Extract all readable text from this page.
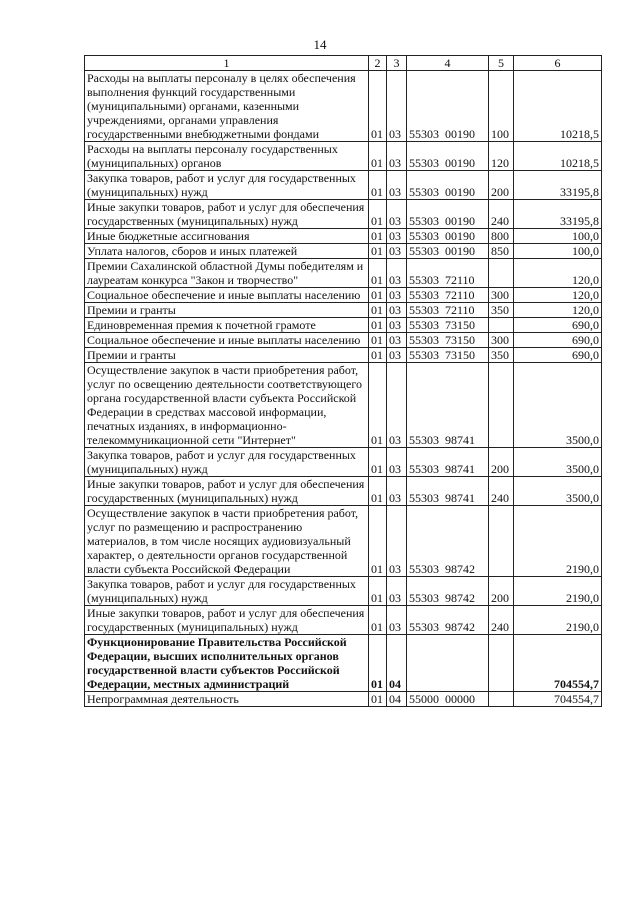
14
1	2	3	4	5	6
Расходы на выплаты персоналу в целях обеспечения выполнения функций государственными (муниципальными) органами, казенными учреждениями, органами управления государственными внебюджетными фондами	01	03	55303  00190	100	10218,5
Расходы на выплаты персоналу государственных (муниципальных) органов	01	03	55303  00190	120	10218,5
Закупка товаров, работ и услуг для государственных (муниципальных) нужд	01	03	55303  00190	200	33195,8
Иные закупки товаров, работ и услуг для обеспечения государственных (муниципальных) нужд	01	03	55303  00190	240	33195,8
Иные бюджетные ассигнования	01	03	55303  00190	800	100,0
Уплата налогов, сборов и иных платежей	01	03	55303  00190	850	100,0
Премии Сахалинской областной Думы победителям и лауреатам конкурса "Закон и творчество"	01	03	55303  72110		120,0
Социальное обеспечение и иные выплаты населению	01	03	55303  72110	300	120,0
Премии и гранты	01	03	55303  72110	350	120,0
Единовременная премия к почетной грамоте	01	03	55303  73150		690,0
Социальное обеспечение и иные выплаты населению	01	03	55303  73150	300	690,0
Премии и гранты	01	03	55303  73150	350	690,0
Осуществление закупок в части приобретения работ, услуг по освещению деятельности соответствующего органа государственной власти субъекта Российской Федерации в средствах массовой информации, печатных изданиях, в информационно-телекоммуникационной сети "Интернет"	01	03	55303  98741		3500,0
Закупка товаров, работ и услуг для государственных (муниципальных) нужд	01	03	55303  98741	200	3500,0
Иные закупки товаров, работ и услуг для обеспечения государственных (муниципальных) нужд	01	03	55303  98741	240	3500,0
Осуществление закупок в части приобретения работ, услуг по размещению и распространению материалов, в том числе носящих аудиовизуальный характер, о деятельности органов государственной власти субъекта Российской Федерации	01	03	55303  98742		2190,0
Закупка товаров, работ и услуг для государственных (муниципальных) нужд	01	03	55303  98742	200	2190,0
Иные закупки товаров, работ и услуг для обеспечения государственных (муниципальных) нужд	01	03	55303  98742	240	2190,0
Функционирование Правительства Российской Федерации, высших исполнительных органов государственной власти субъектов Российской Федерации, местных администраций	01	04			704554,7
Непрограммная деятельность	01	04	55000  00000		704554,7
